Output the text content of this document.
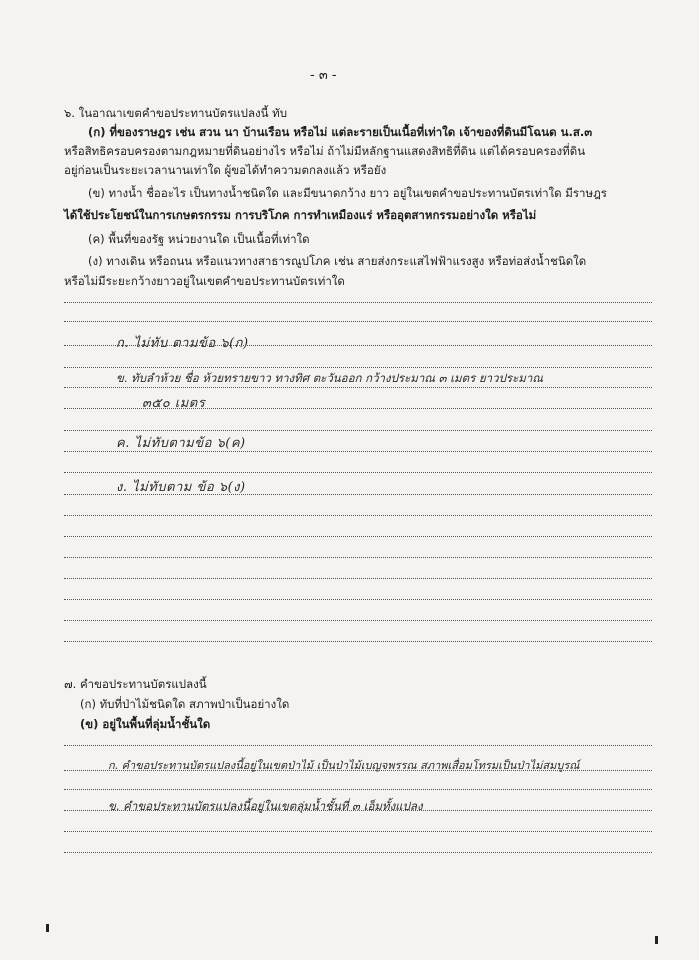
- ๓ -
๖. ในอาณาเขตคำขอประทานบัตรแปลงนี้ ทับ
(ก) ที่ของราษฎร เช่น สวน นา บ้านเรือน หรือไม่ แต่ละรายเป็นเนื้อที่เท่าใด เจ้าของที่ดินมีโฉนด น.ส.๓
หรือสิทธิครอบครองตามกฎหมายที่ดินอย่างไร หรือไม่ ถ้าไม่มีหลักฐานแสดงสิทธิที่ดิน แต่ได้ครอบครองที่ดิน
อยู่ก่อนเป็นระยะเวลานานเท่าใด ผู้ขอได้ทำความตกลงแล้ว หรือยัง
(ข) ทางน้ำ ชื่ออะไร เป็นทางน้ำชนิดใด และมีขนาดกว้าง ยาว อยู่ในเขตคำขอประทานบัตรเท่าใด มีราษฎร
ได้ใช้ประโยชน์ในการเกษตรกรรม การบริโภค การทำเหมืองแร่ หรืออุตสาหกรรมอย่างใด หรือไม่
(ค) พื้นที่ของรัฐ หน่วยงานใด เป็นเนื้อที่เท่าใด
(ง) ทางเดิน หรือถนน หรือแนวทางสาธารณูปโภค เช่น สายส่งกระแสไฟฟ้าแรงสูง หรือท่อส่งน้ำชนิดใด
หรือไม่มีระยะกว้างยาวอยู่ในเขตคำขอประทานบัตรเท่าใด
ก. ไม่ทับ ตามข้อ ๖(ก)
ข. ทับลำห้วย ชื่อ ห้วยทรายขาว ทางทิศ ตะวันออก กว้างประมาณ ๓ เมตร ยาวประมาณ
๓๕๐ เมตร
ค. ไม่ทับตามข้อ ๖(ค)
ง. ไม่ทับตาม ข้อ ๖(ง)
๗. คำขอประทานบัตรแปลงนี้
(ก) ทับที่ป่าไม้ชนิดใด สภาพป่าเป็นอย่างใด
(ข) อยู่ในพื้นที่ลุ่มน้ำชั้นใด
ก. คำขอประทานบัตรแปลงนี้อยู่ในเขตป่าไม้ เป็นป่าไม้เบญจพรรณ สภาพเสื่อมโทรมเป็นป่าไม่สมบูรณ์
ข. คำขอประทานบัตรแปลงนี้อยู่ในเขตลุ่มน้ำชั้นที่ ๓ เอ็มทั้งแปลง
